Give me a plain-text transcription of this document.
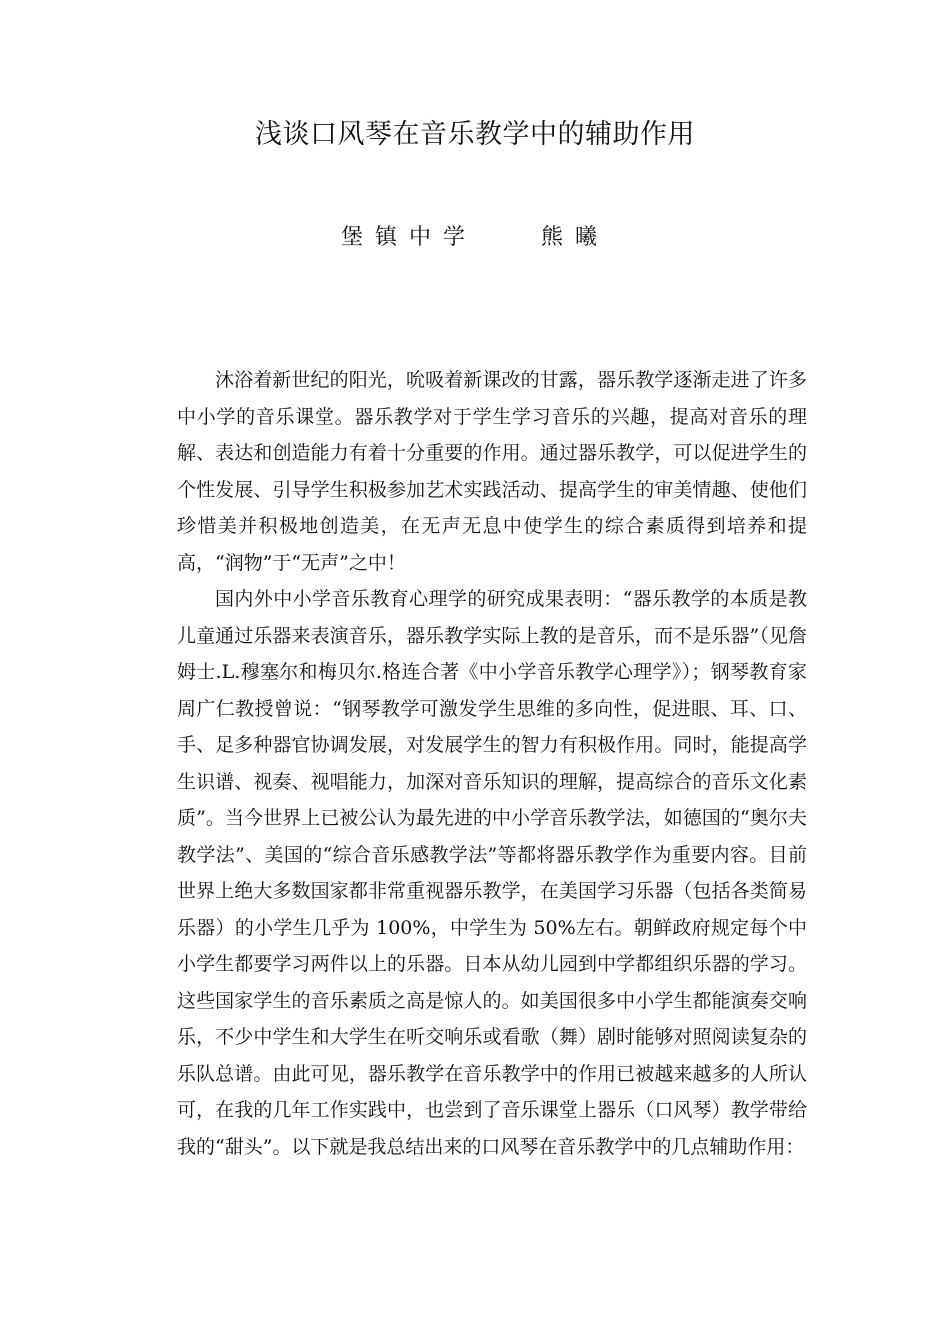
浅谈口风琴在音乐教学中的辅助作用
堡镇中学	熊曦

沐浴着新世纪的阳光，吮吸着新课改的甘露，器乐教学逐渐走进了许多中小学的音乐课堂。器乐教学对于学生学习音乐的兴趣，提高对音乐的理解、表达和创造能力有着十分重要的作用。通过器乐教学，可以促进学生的个性发展、引导学生积极参加艺术实践活动、提高学生的审美情趣、使他们珍惜美并积极地创造美，在无声无息中使学生的综合素质得到培养和提高，“润物”于“无声”之中！

国内外中小学音乐教育心理学的研究成果表明：“器乐教学的本质是教儿童通过乐器来表演音乐，器乐教学实际上教的是音乐，而不是乐器”（见詹姆士.L.穆塞尔和梅贝尔.格连合著《中小学音乐教学心理学》）；钢琴教育家周广仁教授曾说：“钢琴教学可激发学生思维的多向性，促进眼、耳、口、手、足多种器官协调发展，对发展学生的智力有积极作用。同时，能提高学生识谱、视奏、视唱能力，加深对音乐知识的理解，提高综合的音乐文化素质”。当今世界上已被公认为最先进的中小学音乐教学法，如德国的“奥尔夫教学法”、美国的“综合音乐感教学法”等都将器乐教学作为重要内容。目前世界上绝大多数国家都非常重视器乐教学，在美国学习乐器（包括各类简易乐器）的小学生几乎为 100%，中学生为 50%左右。朝鲜政府规定每个中小学生都要学习两件以上的乐器。日本从幼儿园到中学都组织乐器的学习。这些国家学生的音乐素质之高是惊人的。如美国很多中小学生都能演奏交响乐，不少中学生和大学生在听交响乐或看歌（舞）剧时能够对照阅读复杂的乐队总谱。由此可见，器乐教学在音乐教学中的作用已被越来越多的人所认可，在我的几年工作实践中，也尝到了音乐课堂上器乐（口风琴）教学带给我的“甜头”。以下就是我总结出来的口风琴在音乐教学中的几点辅助作用：
